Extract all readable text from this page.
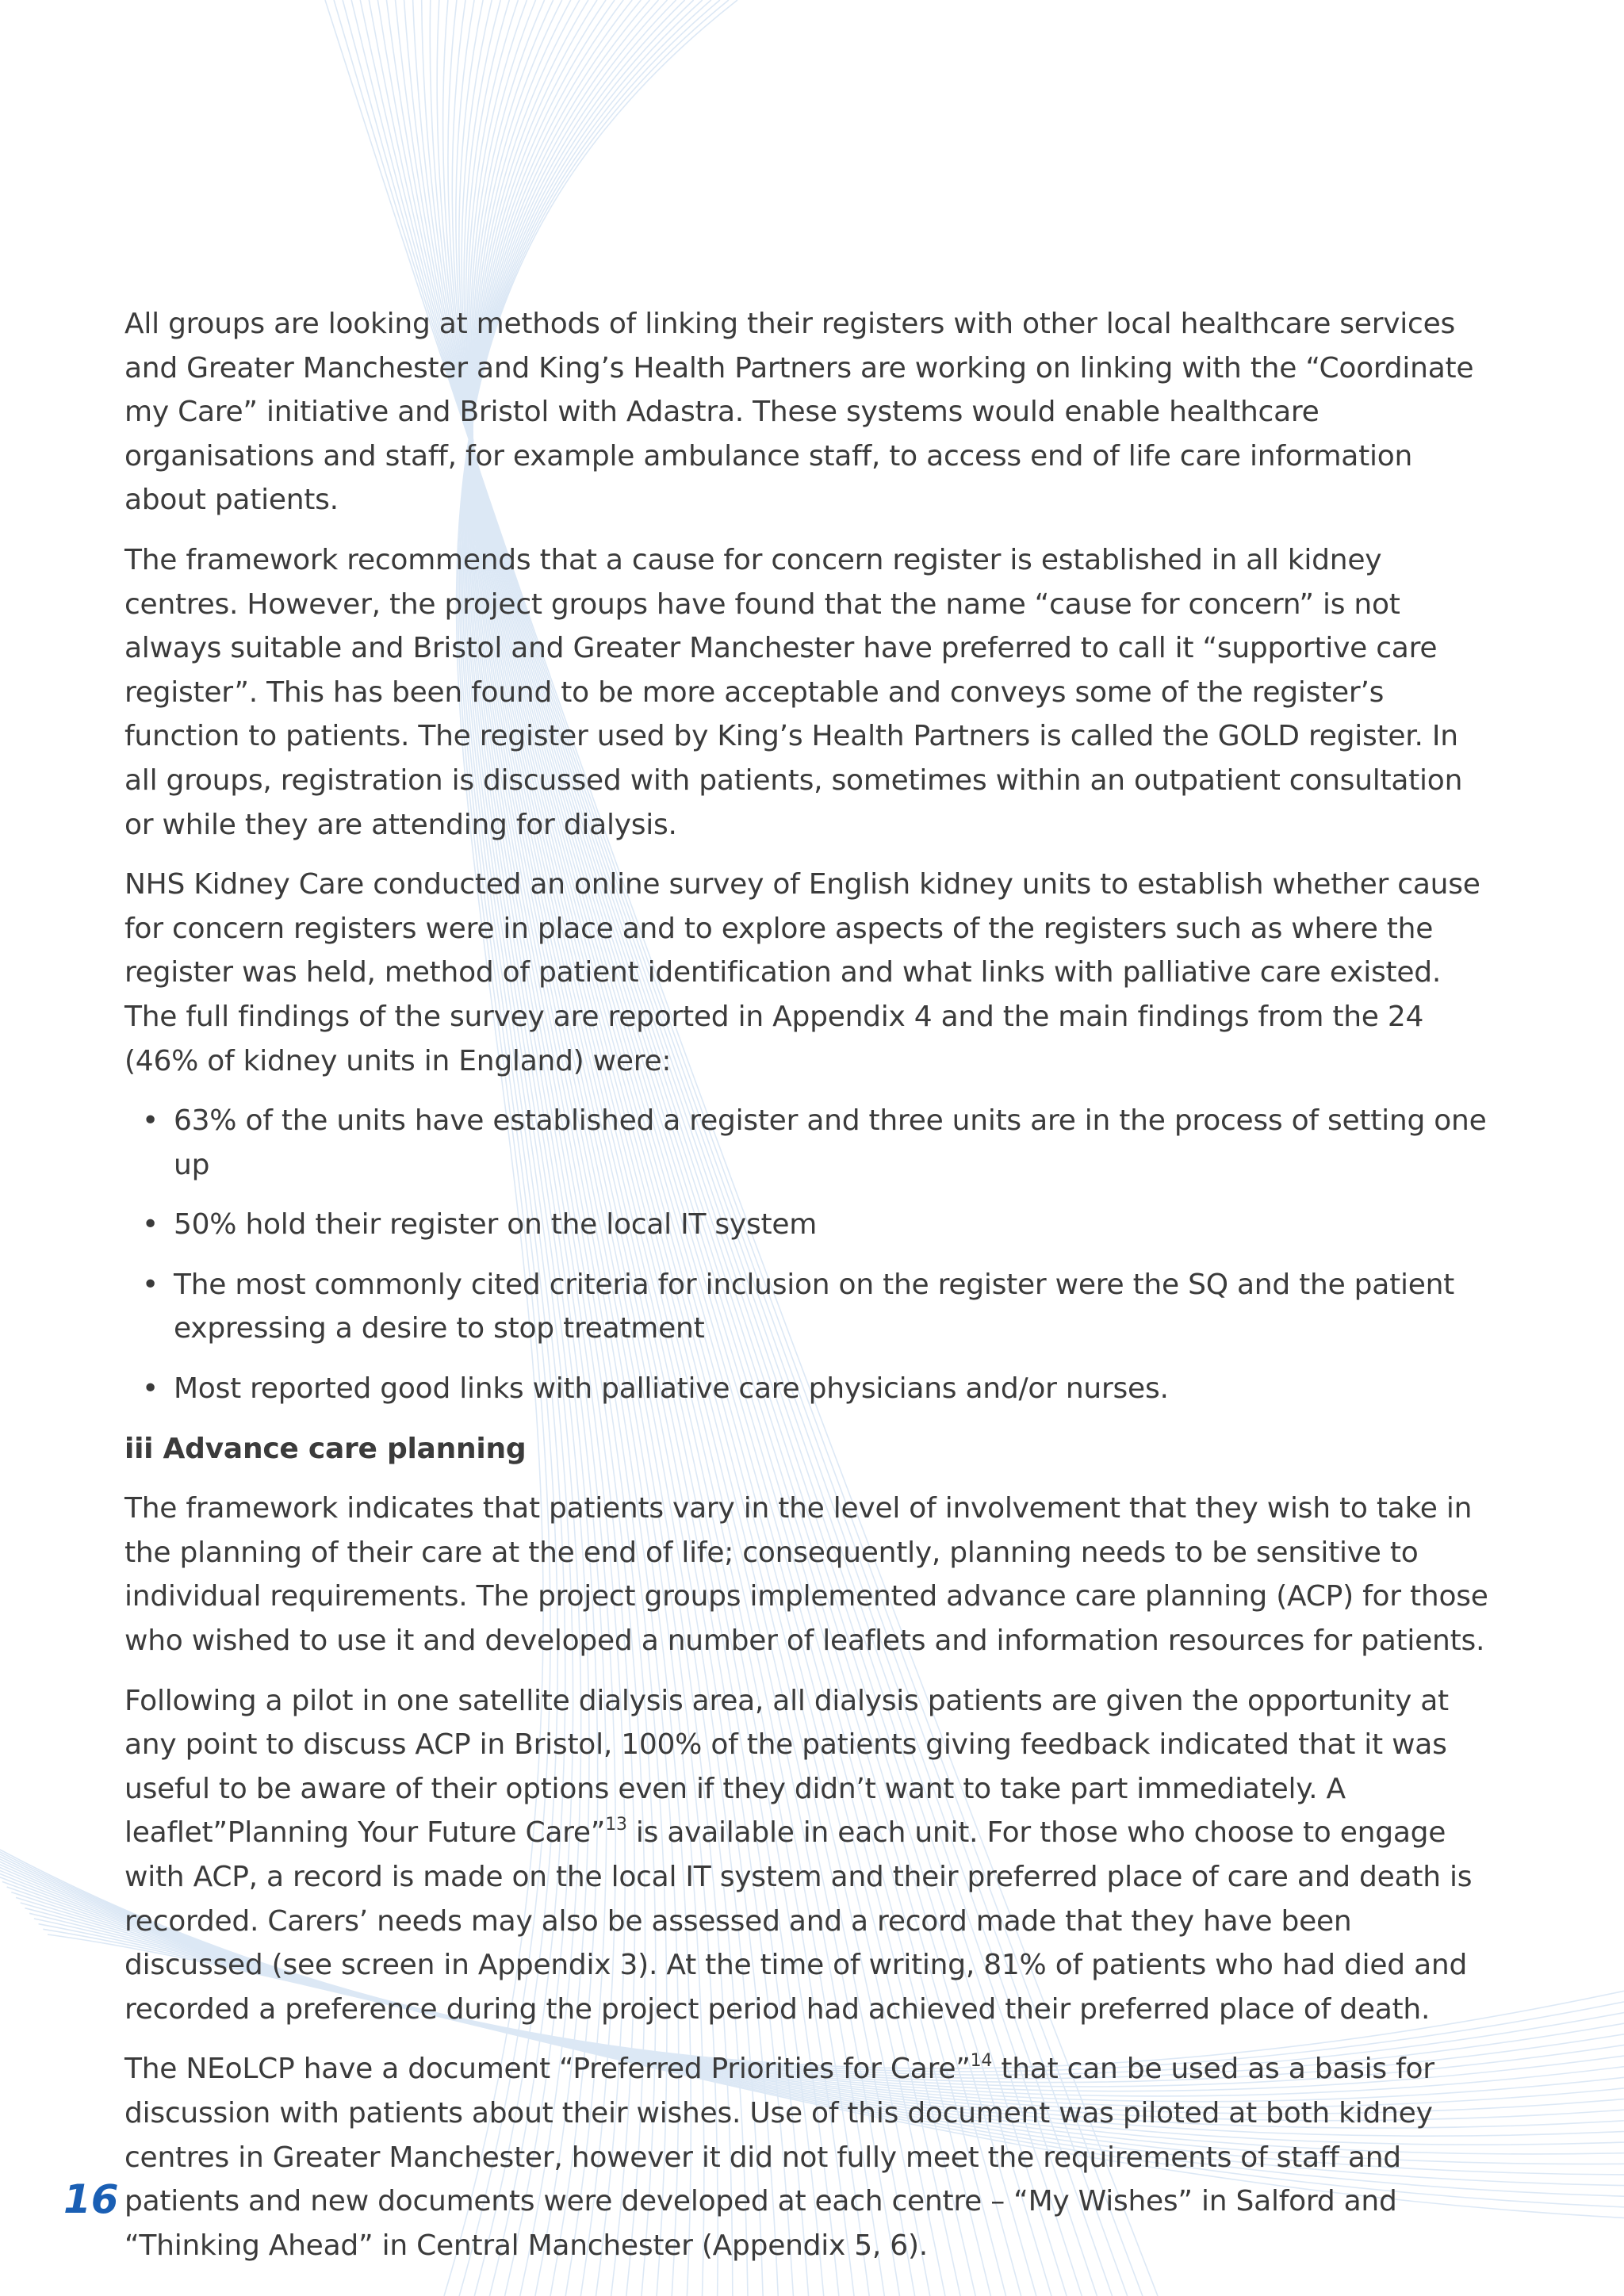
All groups are looking at methods of linking their registers with other local healthcare services and Greater Manchester and King’s Health Partners are working on linking with the “Coordinate my Care” initiative and Bristol with Adastra. These systems would enable healthcare organisations and staff, for example ambulance staff, to access end of life care information about patients.

The framework recommends that a cause for concern register is established in all kidney centres. However, the project groups have found that the name “cause for concern” is not always suitable and Bristol and Greater Manchester have preferred to call it “supportive care register”. This has been found to be more acceptable and conveys some of the register’s function to patients. The register used by King’s Health Partners is called the GOLD register. In all groups, registration is discussed with patients, sometimes within an outpatient consultation or while they are attending for dialysis.

NHS Kidney Care conducted an online survey of English kidney units to establish whether cause for concern registers were in place and to explore aspects of the registers such as where the register was held, method of patient identification and what links with palliative care existed. The full findings of the survey are reported in Appendix 4 and the main findings from the 24 (46% of kidney units in England) were:

• 63% of the units have established a register and three units are in the process of setting one up
• 50% hold their register on the local IT system
• The most commonly cited criteria for inclusion on the register were the SQ and the patient expressing a desire to stop treatment
• Most reported good links with palliative care physicians and/or nurses.
iii Advance care planning

The framework indicates that patients vary in the level of involvement that they wish to take in the planning of their care at the end of life; consequently, planning needs to be sensitive to individual requirements. The project groups implemented advance care planning (ACP) for those who wished to use it and developed a number of leaflets and information resources for patients.

Following a pilot in one satellite dialysis area, all dialysis patients are given the opportunity at any point to discuss ACP in Bristol, 100% of the patients giving feedback indicated that it was useful to be aware of their options even if they didn’t want to take part immediately. A leaflet”Planning Your Future Care”$^{13}$ is available in each unit. For those who choose to engage with ACP, a record is made on the local IT system and their preferred place of care and death is recorded. Carers’ needs may also be assessed and a record made that they have been discussed (see screen in Appendix 3). At the time of writing, 81% of patients who had died and recorded a preference during the project period had achieved their preferred place of death.

The NEoLCP have a document “Preferred Priorities for Care”$^{14}$ that can be used as a basis for discussion with patients about their wishes. Use of this document was piloted at both kidney centres in Greater Manchester, however it did not fully meet the requirements of staff and patients and new documents were developed at each centre – “My Wishes” in Salford and “Thinking Ahead” in Central Manchester (Appendix 5, 6).

16
